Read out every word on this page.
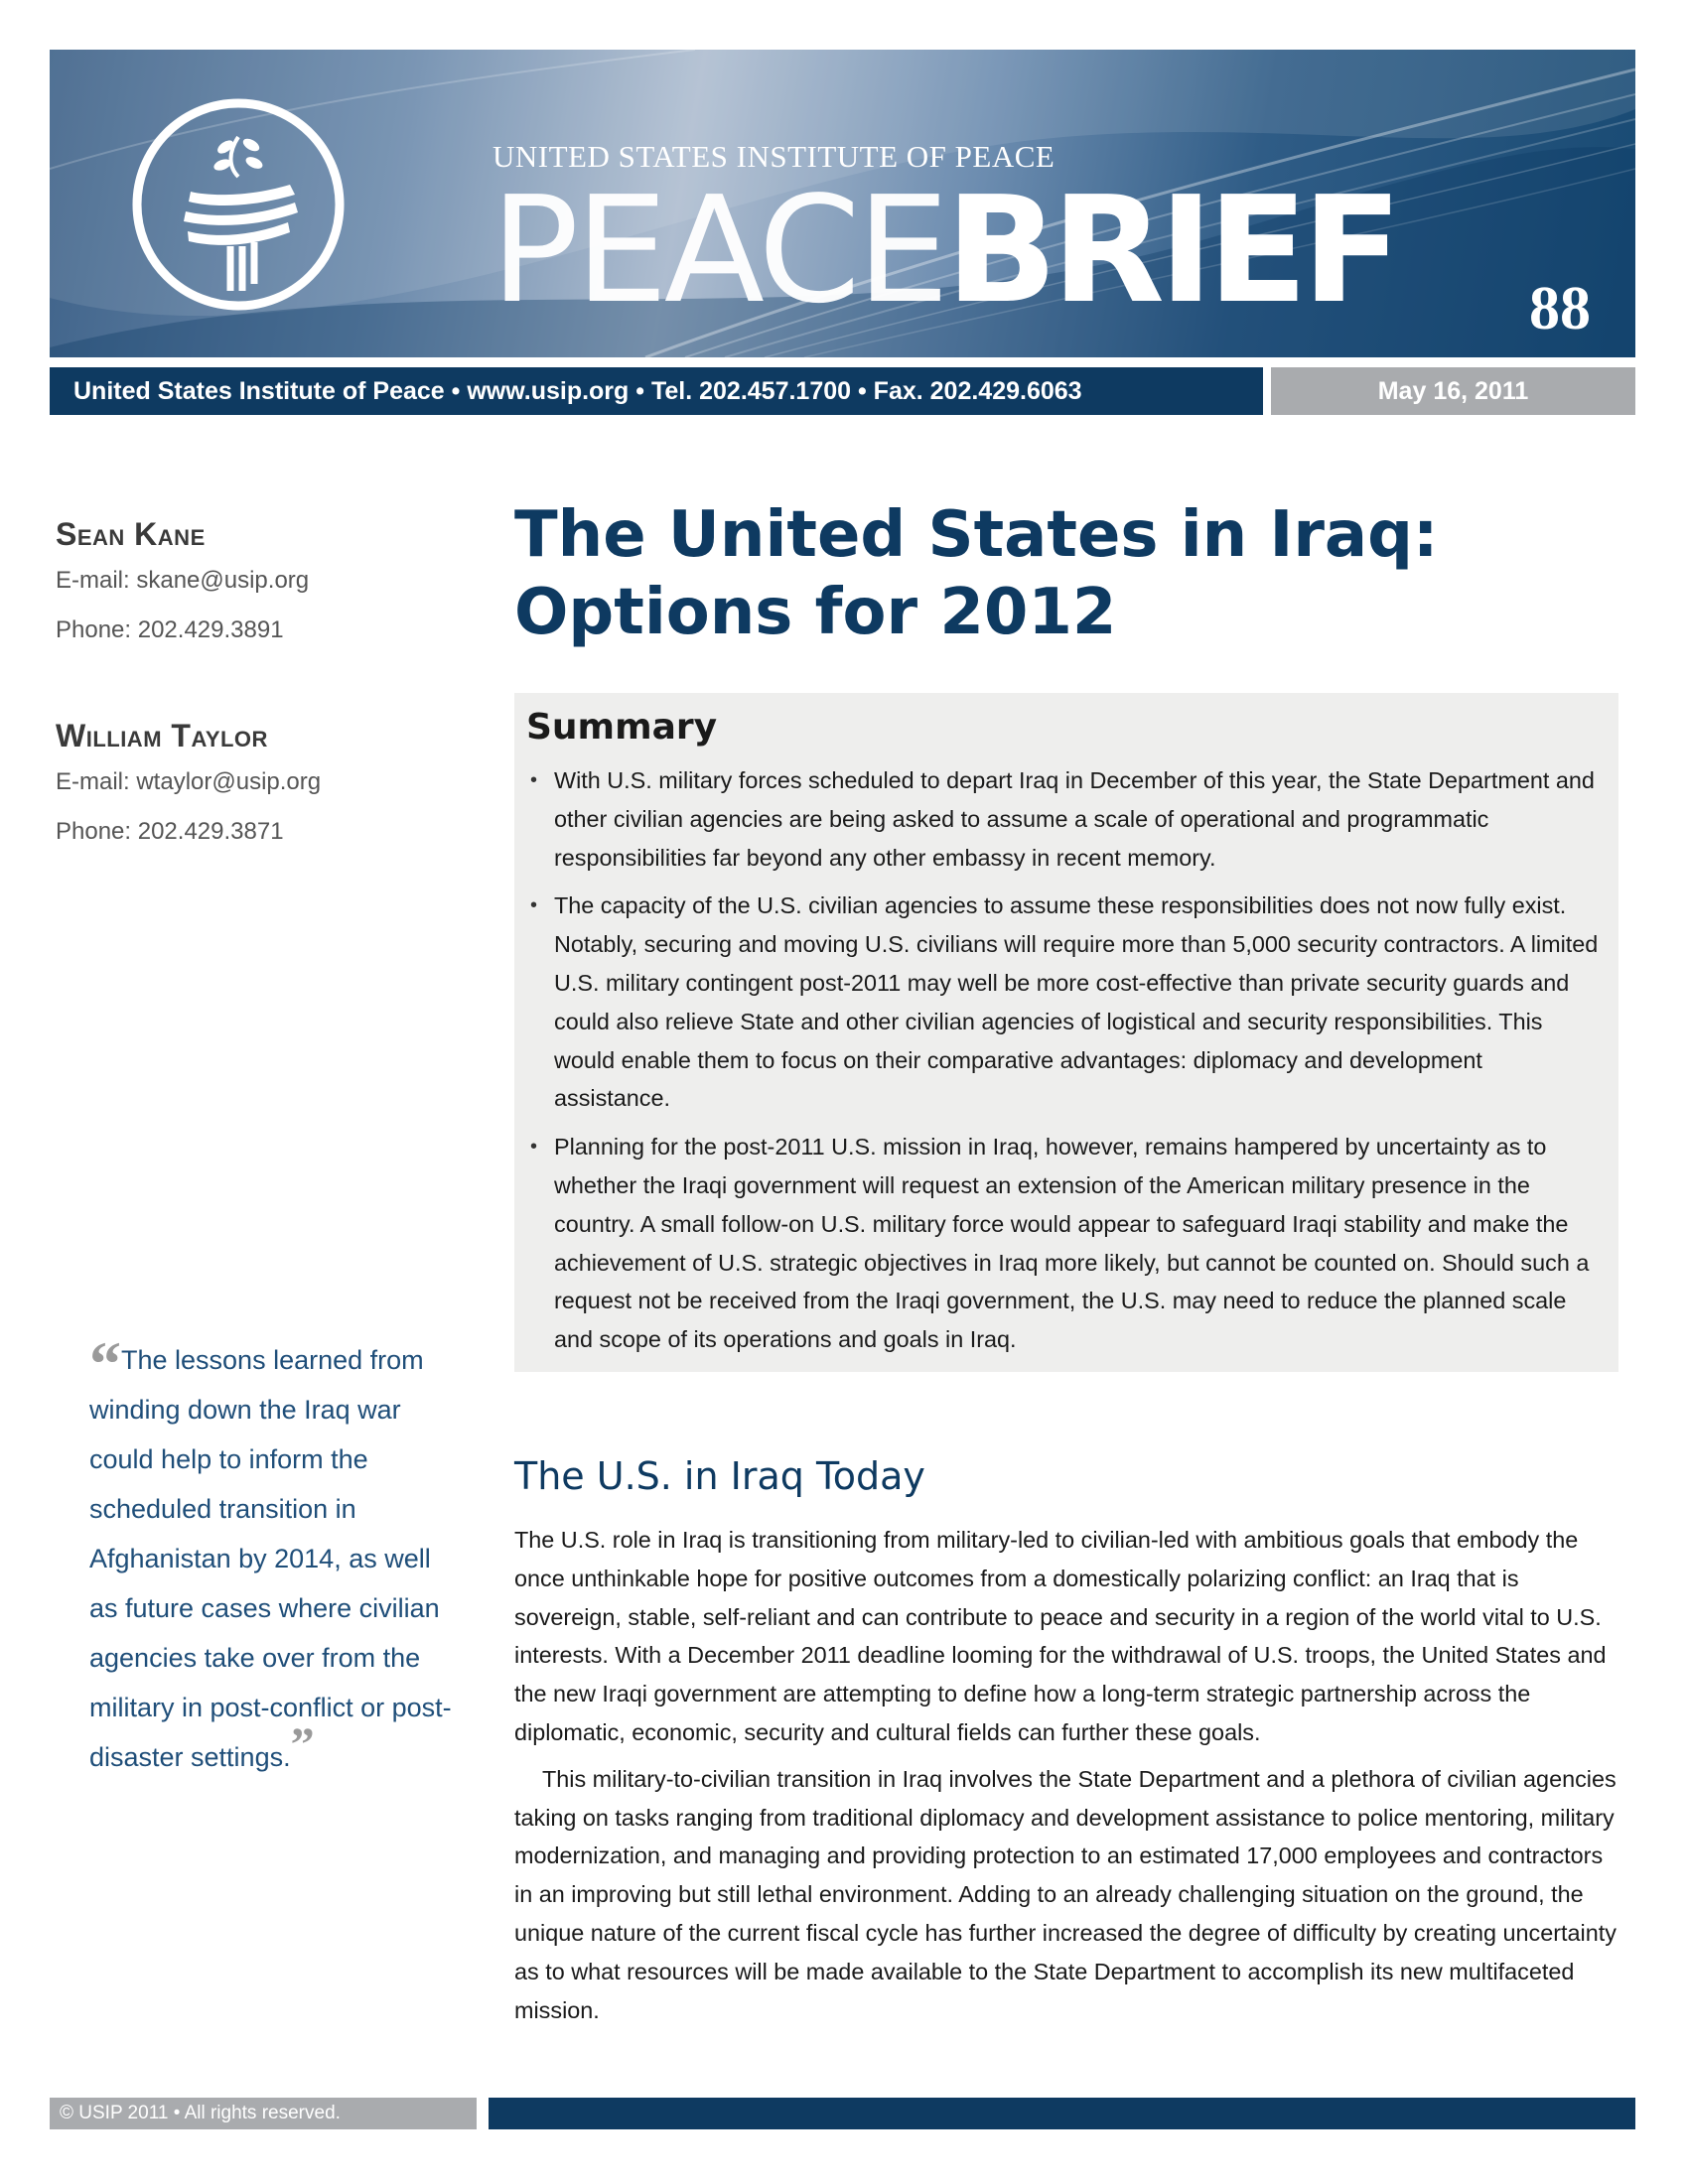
UNITED STATES INSTITUTE OF PEACE
PEACEBRIEF 88
United States Institute of Peace • www.usip.org • Tel. 202.457.1700 • Fax. 202.429.6063	May 16, 2011
Sean Kane
E-mail: skane@usip.org
Phone: 202.429.3891
William Taylor
E-mail: wtaylor@usip.org
Phone: 202.429.3871
“The lessons learned from winding down the Iraq war could help to inform the scheduled transition in Afghanistan by 2014, as well as future cases where civilian agencies take over from the military in post-conflict or post-disaster settings.”
The United States in Iraq:
Options for 2012
Summary
• With U.S. military forces scheduled to depart Iraq in December of this year, the State Department and other civilian agencies are being asked to assume a scale of operational and programmatic responsibilities far beyond any other embassy in recent memory.
• The capacity of the U.S. civilian agencies to assume these responsibilities does not now fully exist. Notably, securing and moving U.S. civilians will require more than 5,000 security contractors. A limited U.S. military contingent post-2011 may well be more cost-effective than private security guards and could also relieve State and other civilian agencies of logistical and security responsibilities. This would enable them to focus on their comparative advantages: diplomacy and development assistance.
• Planning for the post-2011 U.S. mission in Iraq, however, remains hampered by uncertainty as to whether the Iraqi government will request an extension of the American military presence in the country. A small follow-on U.S. military force would appear to safeguard Iraqi stability and make the achievement of U.S. strategic objectives in Iraq more likely, but cannot be counted on. Should such a request not be received from the Iraqi government, the U.S. may need to reduce the planned scale and scope of its operations and goals in Iraq.
The U.S. in Iraq Today

The U.S. role in Iraq is transitioning from military-led to civilian-led with ambitious goals that embody the once unthinkable hope for positive outcomes from a domestically polarizing conflict: an Iraq that is sovereign, stable, self-reliant and can contribute to peace and security in a region of the world vital to U.S. interests. With a December 2011 deadline looming for the withdrawal of U.S. troops, the United States and the new Iraqi government are attempting to define how a long-term strategic partnership across the diplomatic, economic, security and cultural fields can further these goals.

This military-to-civilian transition in Iraq involves the State Department and a plethora of civilian agencies taking on tasks ranging from traditional diplomacy and development assistance to police mentoring, military modernization, and managing and providing protection to an estimated 17,000 employees and contractors in an improving but still lethal environment. Adding to an already challenging situation on the ground, the unique nature of the current fiscal cycle has further increased the degree of difficulty by creating uncertainty as to what resources will be made available to the State Department to accomplish its new multifaceted mission.

© USIP 2011 • All rights reserved.
